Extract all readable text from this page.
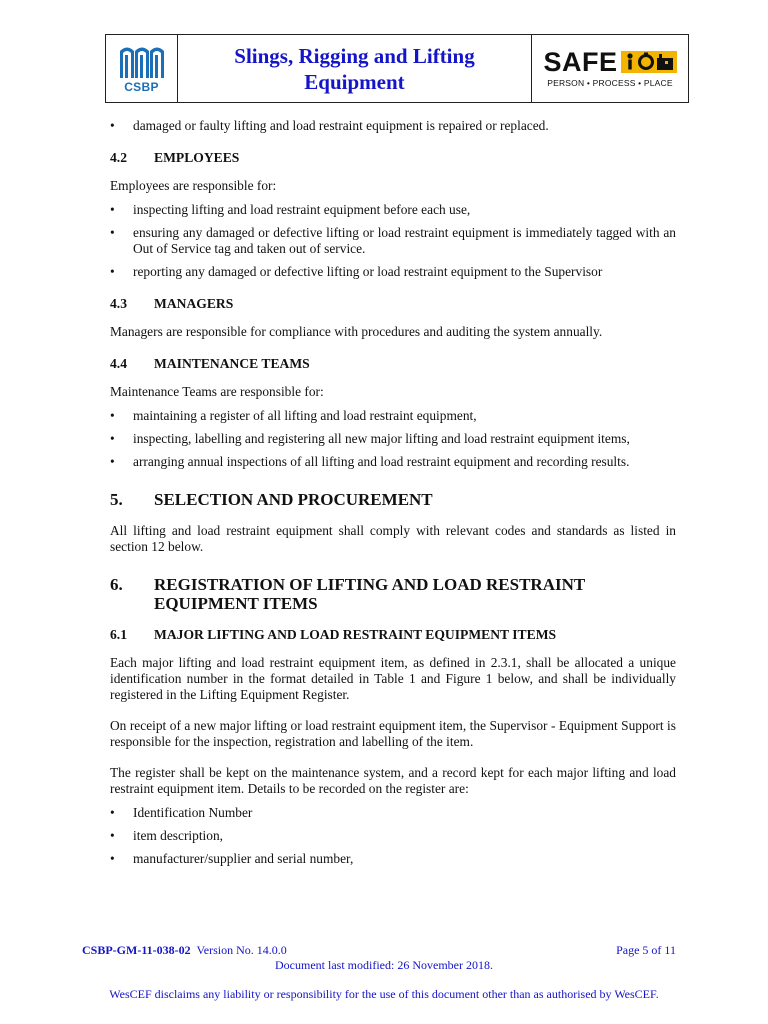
CSBP
Slings, Rigging and Lifting
Equipment
SAFE
PERSON • PROCESS • PLACE
• damaged or faulty lifting and load restraint equipment is repaired or replaced.
4.2	EMPLOYEES

Employees are responsible for:

• inspecting lifting and load restraint equipment before each use,
• ensuring any damaged or defective lifting or load restraint equipment is immediately tagged with an Out of Service tag and taken out of service.
• reporting any damaged or defective lifting or load restraint equipment to the Supervisor
4.3	MANAGERS

Managers are responsible for compliance with procedures and auditing the system annually.

4.4	MAINTENANCE TEAMS

Maintenance Teams are responsible for:

• maintaining a register of all lifting and load restraint equipment,
• inspecting, labelling and registering all new major lifting and load restraint equipment items,
• arranging annual inspections of all lifting and load restraint equipment and recording results.
5.	SELECTION AND PROCUREMENT

All lifting and load restraint equipment shall comply with relevant codes and standards as listed in section 12 below.

6.	REGISTRATION OF LIFTING AND LOAD RESTRAINT
EQUIPMENT ITEMS
6.1	MAJOR LIFTING AND LOAD RESTRAINT EQUIPMENT ITEMS

Each major lifting and load restraint equipment item, as defined in 2.3.1, shall be allocated a unique identification number in the format detailed in Table 1 and Figure 1 below, and shall be individually registered in the Lifting Equipment Register.

On receipt of a new major lifting or load restraint equipment item, the Supervisor - Equipment Support is responsible for the inspection, registration and labelling of the item.

The register shall be kept on the maintenance system, and a record kept for each major lifting and load restraint equipment item. Details to be recorded on the register are:

• Identification Number
• item description,
• manufacturer/supplier and serial number,
CSBP-GM-11-038-02 Version No. 14.0.0	Page 5 of 11
Document last modified: 26 November 2018.
WesCEF disclaims any liability or responsibility for the use of this document other than as authorised by WesCEF.
